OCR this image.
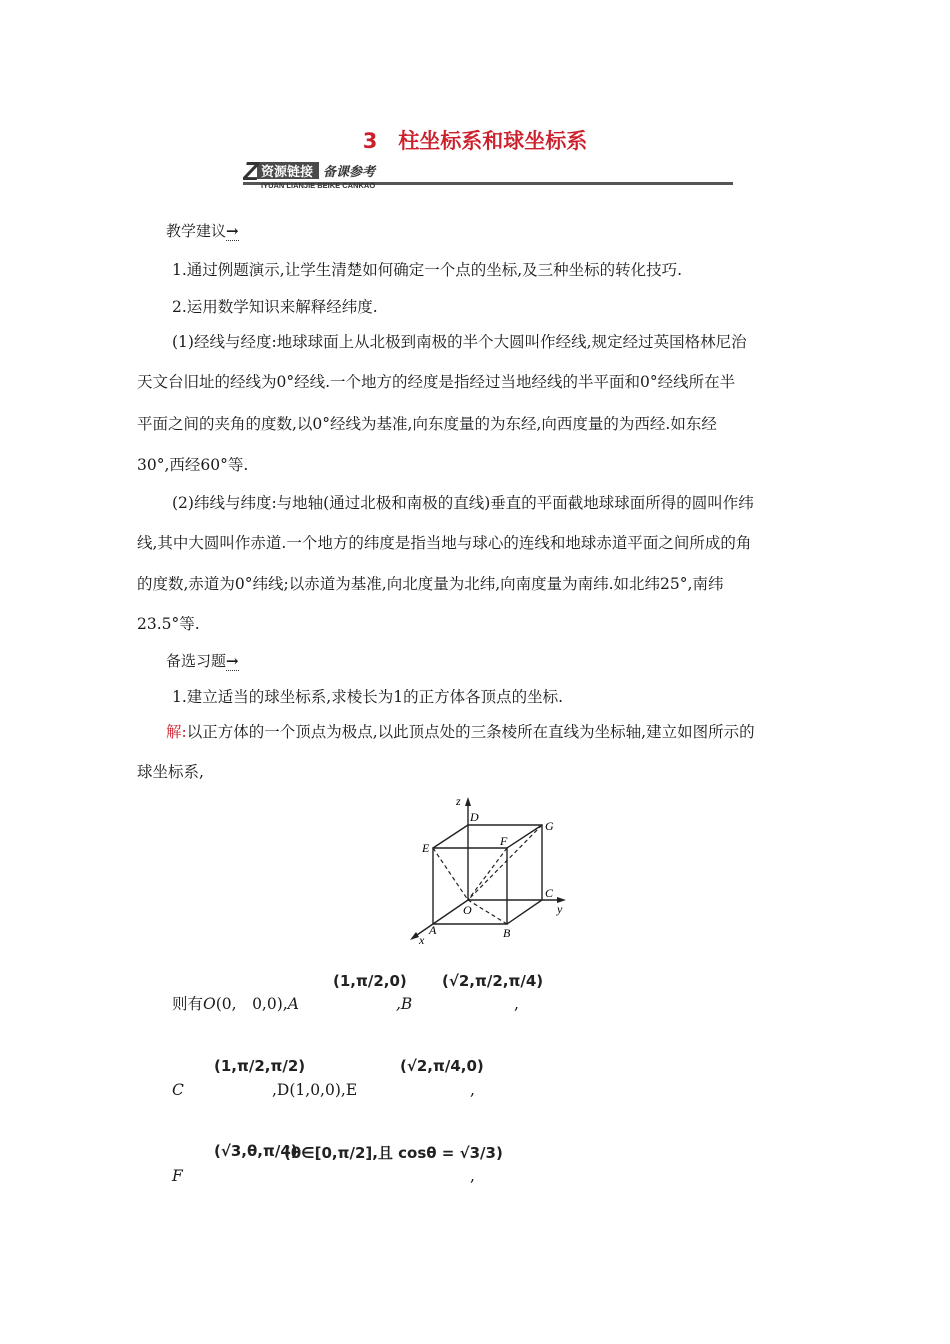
3　柱坐标系和球坐标系
Z 资源链接 备课参考
IYUAN LIANJIE BEIKE CANKAO
教学建议→
1.通过例题演示,让学生清楚如何确定一个点的坐标,及三种坐标的转化技巧.
2.运用数学知识来解释经纬度.
(1)经线与经度:地球球面上从北极到南极的半个大圆叫作经线,规定经过英国格林尼治
天文台旧址的经线为0°经线.一个地方的经度是指经过当地经线的半平面和0°经线所在半
平面之间的夹角的度数,以0°经线为基准,向东度量的为东经,向西度量的为西经.如东经
30°,西经60°等.
(2)纬线与纬度:与地轴(通过北极和南极的直线)垂直的平面截地球球面所得的圆叫作纬
线,其中大圆叫作赤道.一个地方的纬度是指当地与球心的连线和地球赤道平面之间所成的角
的度数,赤道为0°纬线;以赤道为基准,向北度量为北纬,向南度量为南纬.如北纬25°,南纬
23.5°等.
备选习题→
1.建立适当的球坐标系,求棱长为1的正方体各顶点的坐标.
解:以正方体的一个顶点为极点,以此顶点处的三条棱所在直线为坐标轴,建立如图所示的
球坐标系,
z
D
G
E	F
C
O	y
A	B
x
则有O(0,　0,0),A
(1,π/2,0)
,B
(√2,π/2,π/4)
,
C
(1,π/2,π/2)
,D(1,0,0),E
(√2,π/4,0)
,
F
(√3,θ,π/4)
(θ∈[0,π/2],且 cosθ = √3/3)
,
